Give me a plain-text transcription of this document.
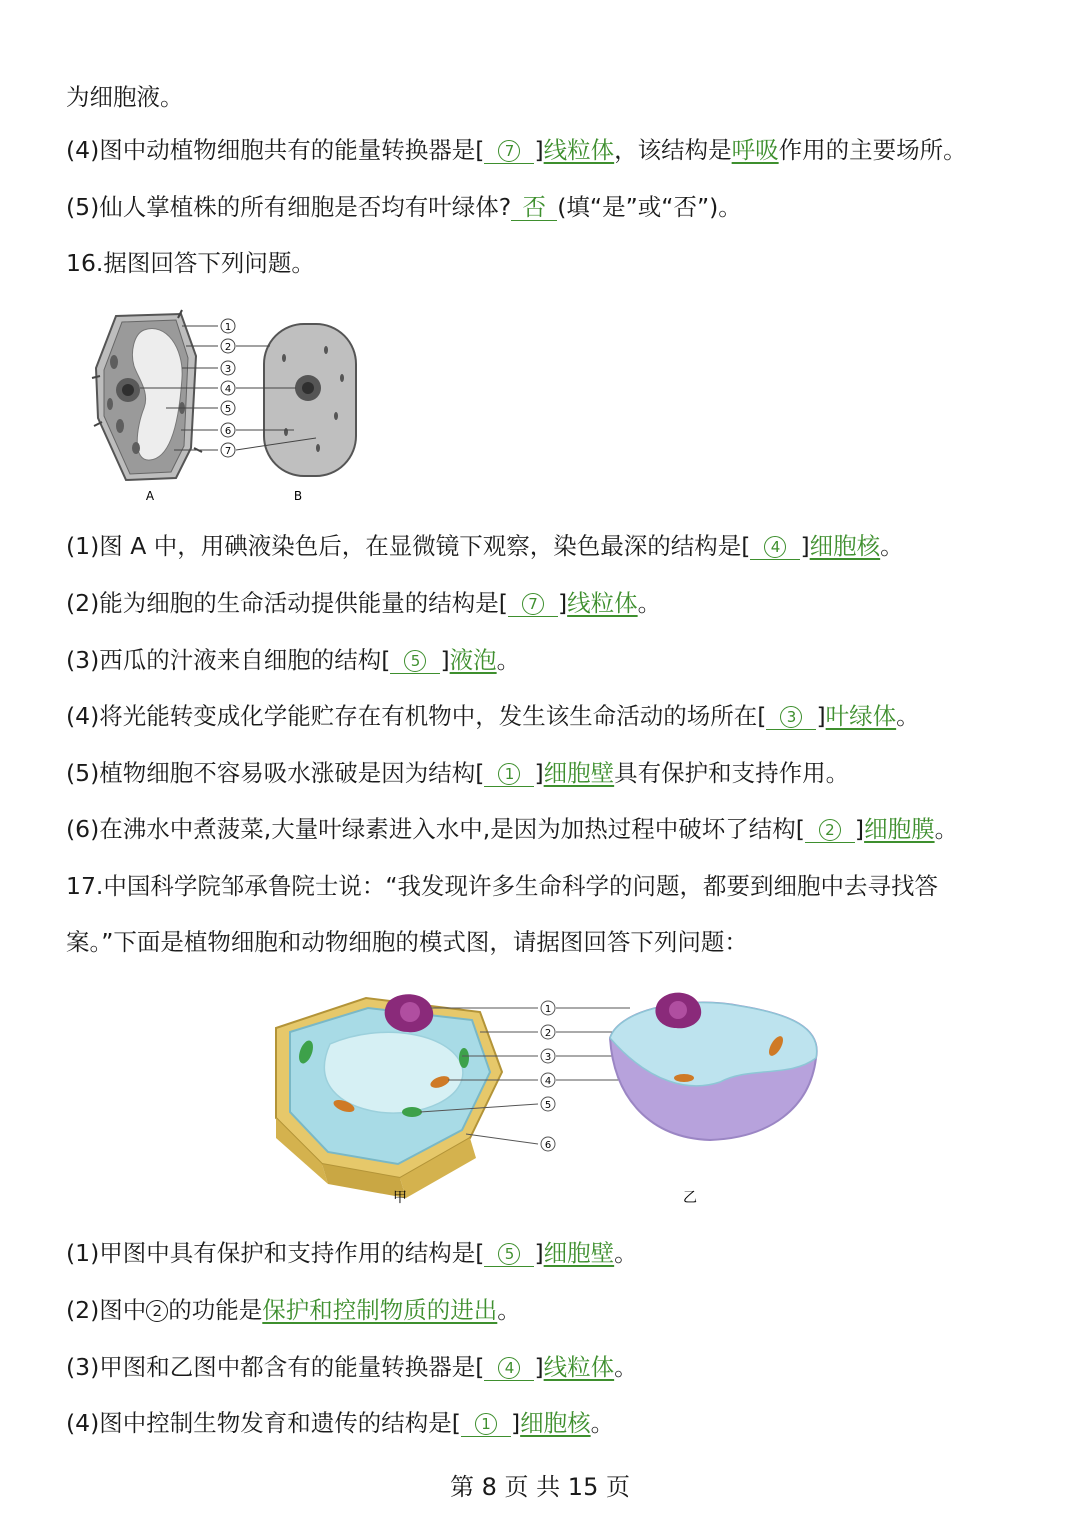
为细胞液。
(4)图中动植物细胞共有的能量转换器是[ 7 ]线粒体，该结构是呼吸作用的主要场所。
(5)仙人掌植株的所有细胞是否均有叶绿体? 否 (填“是”或“否”)。
16.据图回答下列问题。
1
2
3
4
5
6
7
A	B
(1)图 A 中，用碘液染色后，在显微镜下观察，染色最深的结构是[ 4 ]细胞核。
(2)能为细胞的生命活动提供能量的结构是[ 7 ]线粒体。
(3)西瓜的汁液来自细胞的结构[ 5 ]液泡。
(4)将光能转变成化学能贮存在有机物中，发生该生命活动的场所在[ 3 ]叶绿体。
(5)植物细胞不容易吸水涨破是因为结构[ 1 ]细胞壁具有保护和支持作用。
(6)在沸水中煮菠菜,大量叶绿素进入水中,是因为加热过程中破坏了结构[ 2 ]细胞膜。
17.中国科学院邹承鲁院士说：“我发现许多生命科学的问题，都要到细胞中去寻找答
案。”下面是植物细胞和动物细胞的模式图，请据图回答下列问题：
1
2
3
4
5
6
甲	乙
(1)甲图中具有保护和支持作用的结构是[ 5 ]细胞壁。
(2)图中 2 的功能是保护和控制物质的进出。
(3)甲图和乙图中都含有的能量转换器是[ 4 ]线粒体。
(4)图中控制生物发育和遗传的结构是[ 1 ]细胞核。
第 8 页 共 15 页
